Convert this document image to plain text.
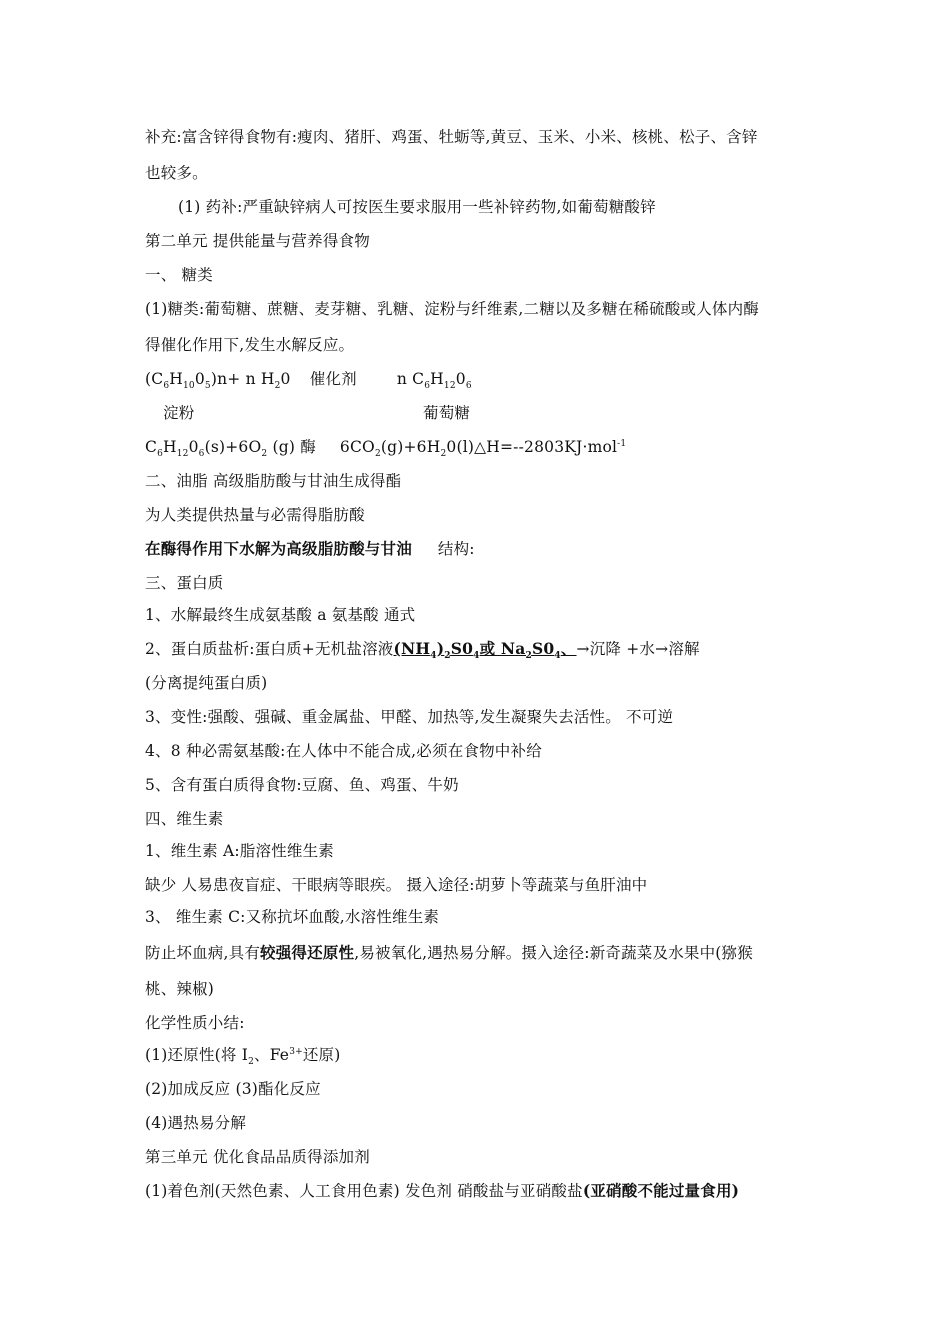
补充:富含锌得食物有:瘦肉、猪肝、鸡蛋、牡蛎等,黄豆、玉米、小米、核桃、松子、含锌
也较多。
(1) 药补:严重缺锌病人可按医生要求服用一些补锌药物,如葡萄糖酸锌
第二单元 提供能量与营养得食物
一、 糖类
(1)糖类:葡萄糖、蔗糖、麦芽糖、乳糖、淀粉与纤维素,二糖以及多糖在稀硫酸或人体内酶
得催化作用下,发生水解反应。
$(C_6H_{10}0_5)n+ n$ $H_20$ 催化剂	n $C_6H_{12}0_6$
淀粉	葡萄糖
$C_6H_{12}0_6(s)+6O_2$ (g) 酶 $6CO_2(g)+6H_20(l)\triangle H=--2803KJ\cdot mol^{-1}$
二、油脂 高级脂肪酸与甘油生成得酯
为人类提供热量与必需得脂肪酸
在酶得作用下水解为高级脂肪酸与甘油 结构:
三、蛋白质
1、水解最终生成氨基酸 a 氨基酸 通式
2、蛋白质盐析:蛋白质+无机盐溶液$(NH_4)_2S0_4$或 $Na_2S0_4$、→沉降 +水→溶解
(分离提纯蛋白质)
3、变性:强酸、强碱、重金属盐、甲醛、加热等,发生凝聚失去活性。 不可逆
4、8 种必需氨基酸:在人体中不能合成,必须在食物中补给
5、含有蛋白质得食物:豆腐、鱼、鸡蛋、牛奶
四、维生素
1、维生素 A:脂溶性维生素
缺少 人易患夜盲症、干眼病等眼疾。 摄入途径:胡萝卜等蔬菜与鱼肝油中
3、 维生素 C:又称抗坏血酸,水溶性维生素
防止坏血病,具有较强得还原性,易被氧化,遇热易分解。摄入途径:新奇蔬菜及水果中(猕猴
桃、辣椒)
化学性质小结:
(1)还原性(将 $I_2$、$Fe^{3+}$还原)
(2)加成反应 (3)酯化反应
(4)遇热易分解
第三单元 优化食品品质得添加剂
(1)着色剂(天然色素、人工食用色素) 发色剂 硝酸盐与亚硝酸盐(亚硝酸不能过量食用)
